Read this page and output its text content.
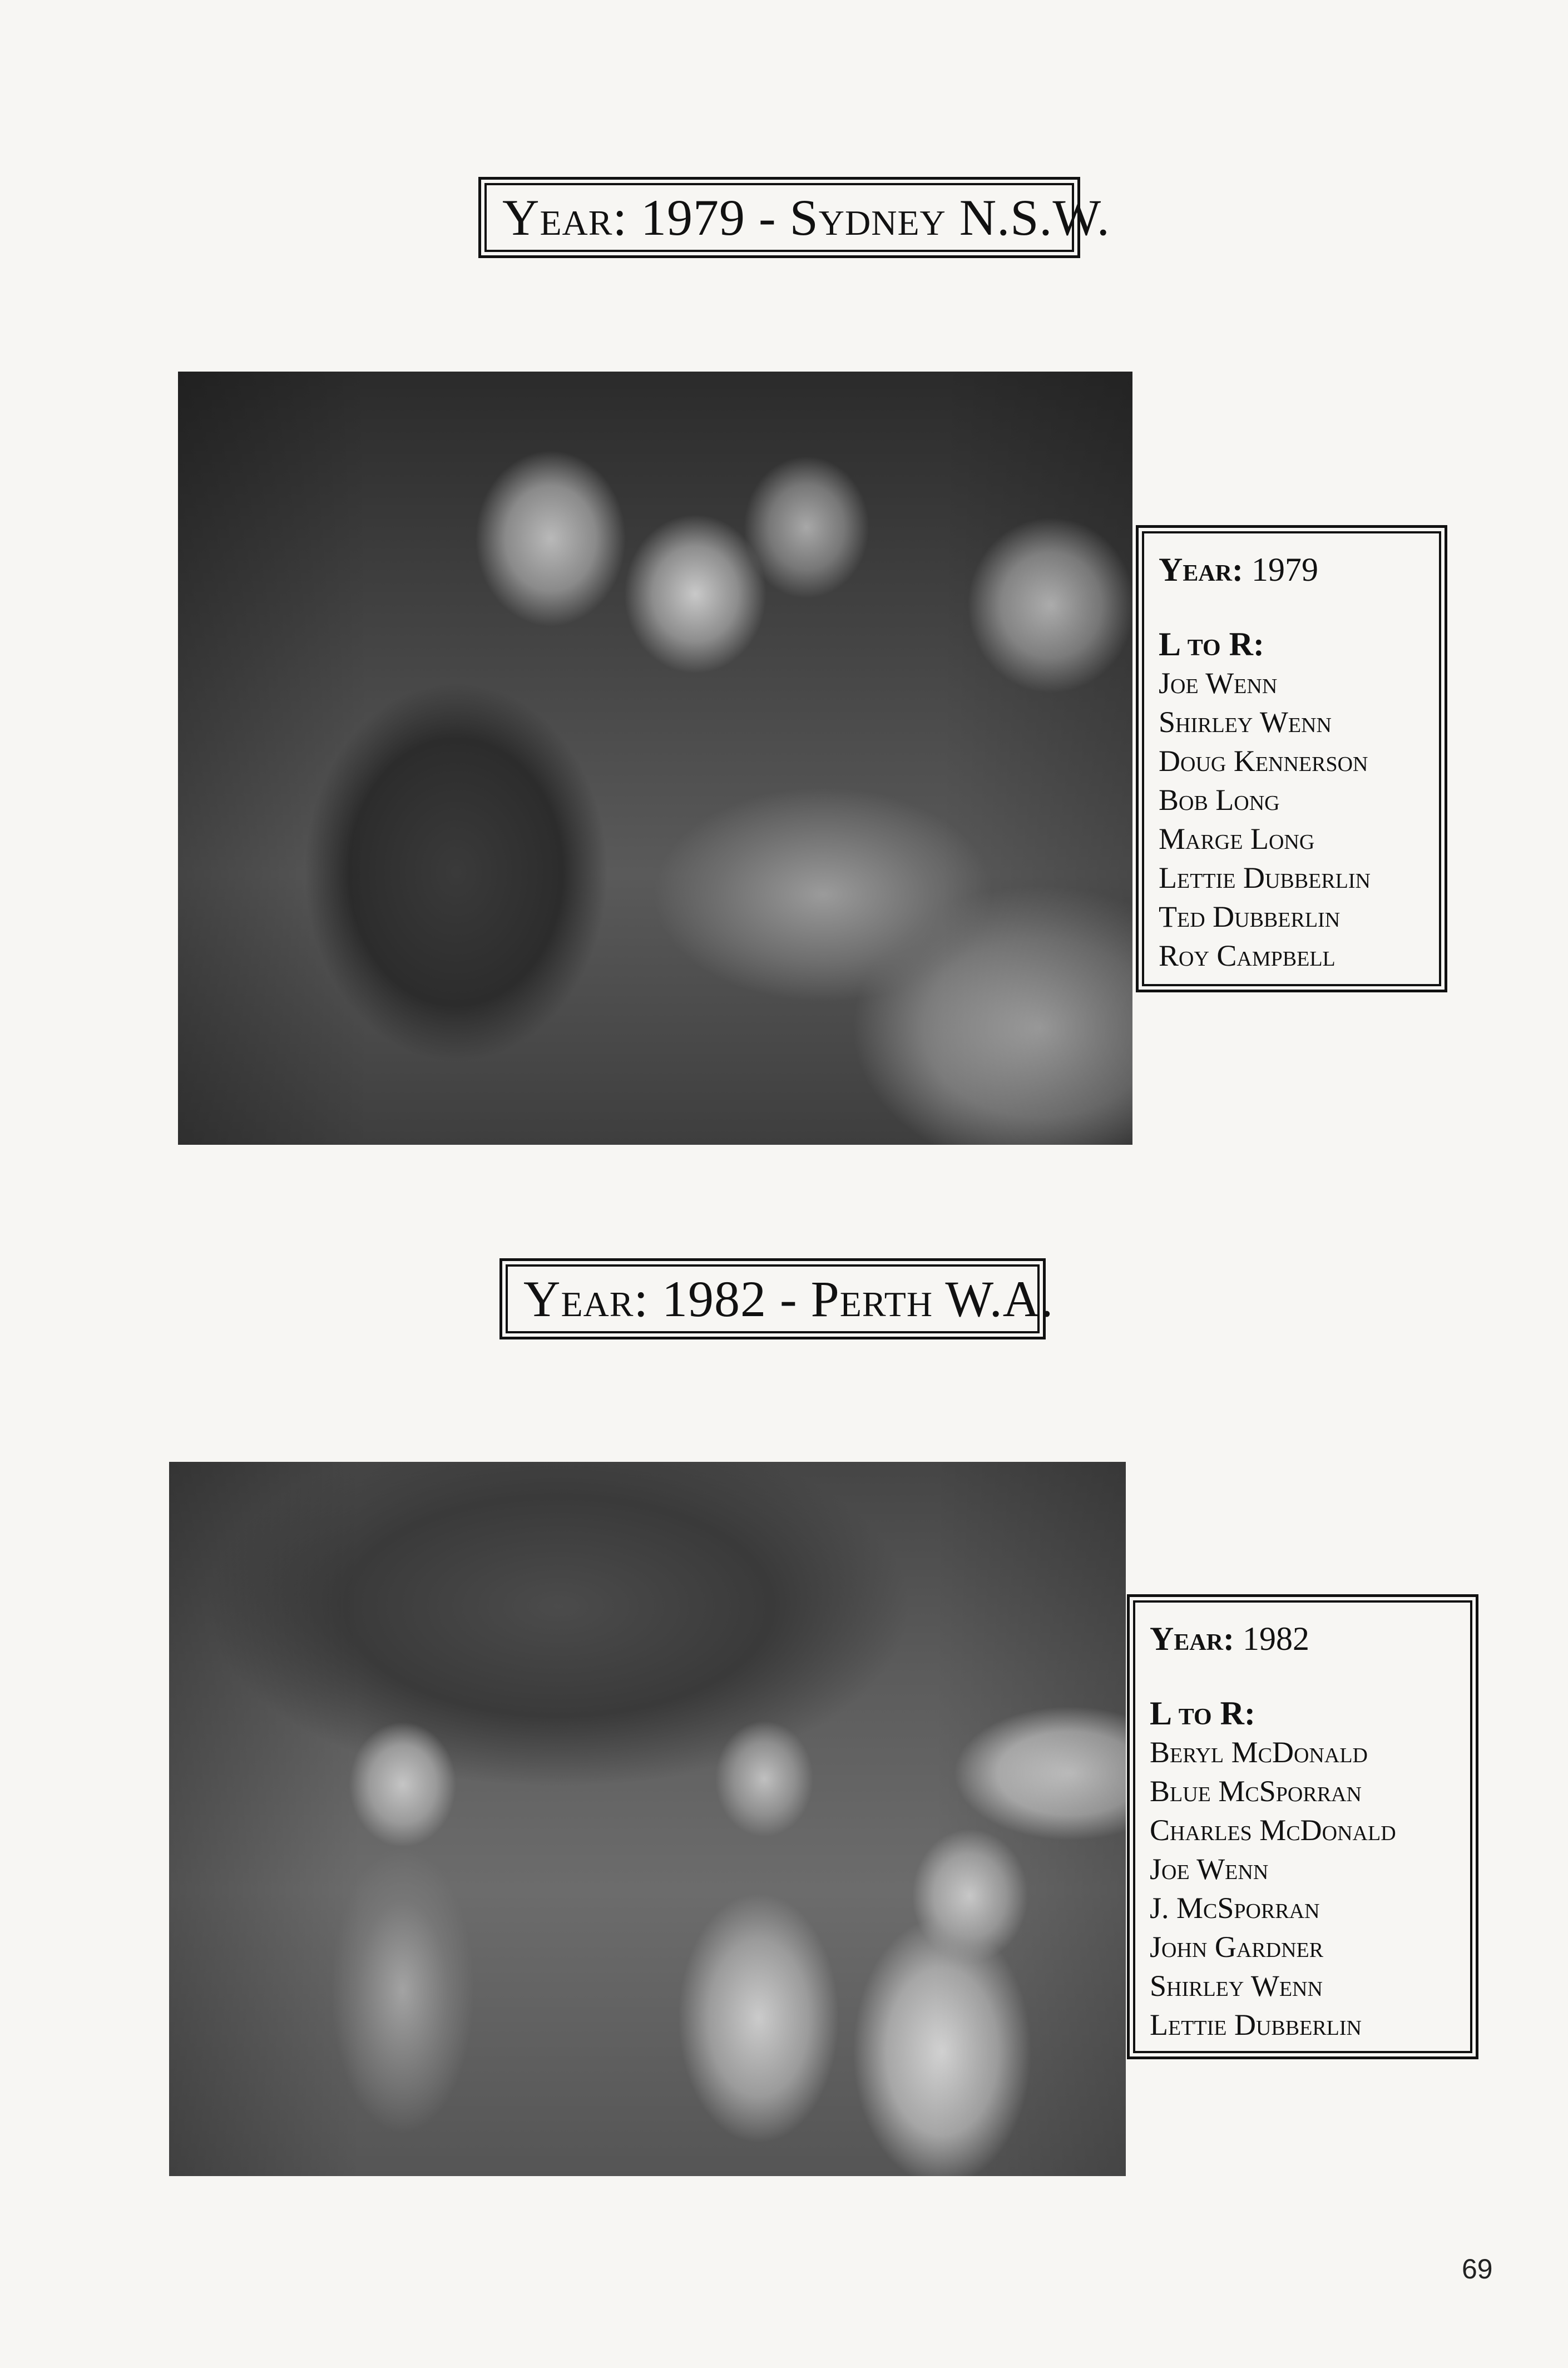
Year: 1979 - Sydney N.S.W.
Year: 1979
L to R:
Joe Wenn
Shirley Wenn
Doug Kennerson
Bob Long
Marge Long
Lettie Dubberlin
Ted Dubberlin
Roy Campbell
Year: 1982 - Perth W.A.
Year: 1982
L to R:
Beryl McDonald
Blue McSporran
Charles McDonald
Joe Wenn
J. McSporran
John Gardner
Shirley Wenn
Lettie Dubberlin
69
